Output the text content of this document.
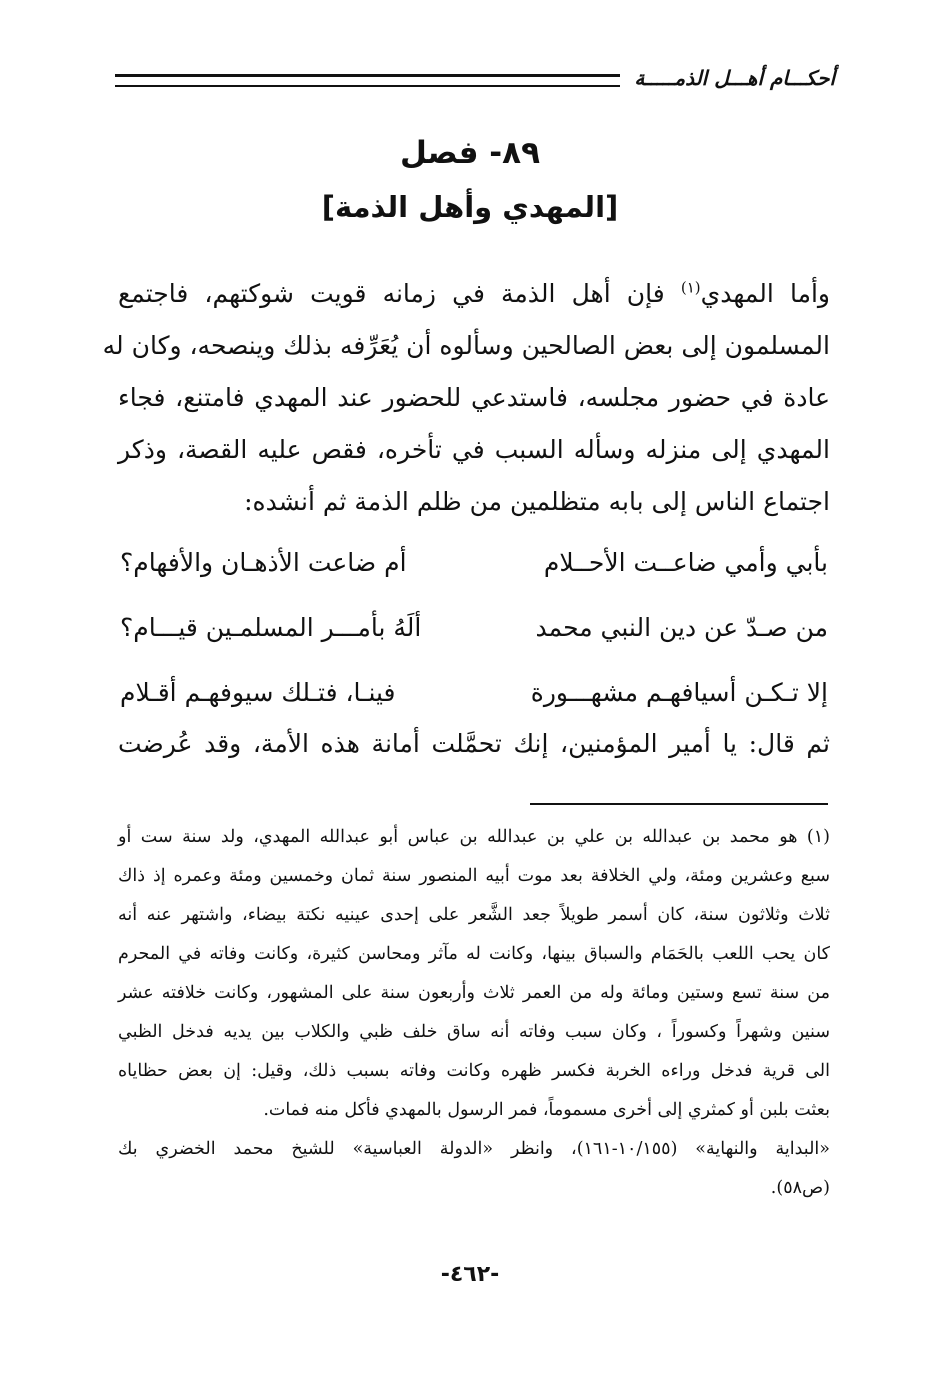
أحكـــام أهـــل الذمـــــة
٨٩- فصل
[المهدي وأهل الذمة]
وأما المهدي$^{(١)}$ فإن أهل الذمة في زمانه قويت شوكتهم، فاجتمع
المسلمون إلى بعض الصالحين وسألوه أن يُعَرِّفه بذلك وينصحه، وكان له
عادة في حضور مجلسه، فاستدعي للحضور عند المهدي فامتنع، فجاء
المهدي إلى منزله وسأله السبب في تأخره، فقص عليه القصة، وذكر
اجتماع الناس إلى بابه متظلمين من ظلم الذمة ثم أنشده:
بأبي وأمي ضاعــت الأحــلام
أم ضاعت الأذهـان والأفهام؟
من صـدّ عن دين النبي محمد
ألَهُ بأمـــر المسلمـين قيـــام؟
إلا تـكـن أسيافهـم مشهـــورة
فينـا، فتـلك سيوفهـم أقـلام
ثم قال: يا أمير المؤمنين، إنك تحمَّلت أمانة هذه الأمة، وقد عُرضت
(١) هو محمد بن عبدالله بن علي بن عبدالله بن عباس أبو عبدالله المهدي، ولد سنة ست أو
سبع وعشرين ومئة، ولي الخلافة بعد موت أبيه المنصور سنة ثمان وخمسين ومئة وعمره إذ ذاك
ثلاث وثلاثون سنة، كان أسمر طويلاً جعد الشَّعر على إحدى عينيه نكتة بيضاء، واشتهر عنه أنه
كان يحب اللعب بالحَمَام والسباق بينها، وكانت له مآثر ومحاسن كثيرة، وكانت وفاته في المحرم
من سنة تسع وستين ومائة وله من العمر ثلاث وأربعون سنة على المشهور، وكانت خلافته عشر
سنين وشهراً وكسوراً ، وكان سبب وفاته أنه ساق خلف ظبي والكلاب بين يديه فدخل الظبي
الى قرية فدخل وراءه الخربة فكسر ظهره وكانت وفاته بسبب ذلك، وقيل: إن بعض حظاياه
بعثت بلبن أو كمثري إلى أخرى مسموماً، فمر الرسول بالمهدي فأكل منه فمات.
«البداية والنهاية» (١٠/١٥٥-١٦١)، وانظر «الدولة العباسية» للشيخ محمد الخضري بك
(ص٥٨).
-٤٦٢-
